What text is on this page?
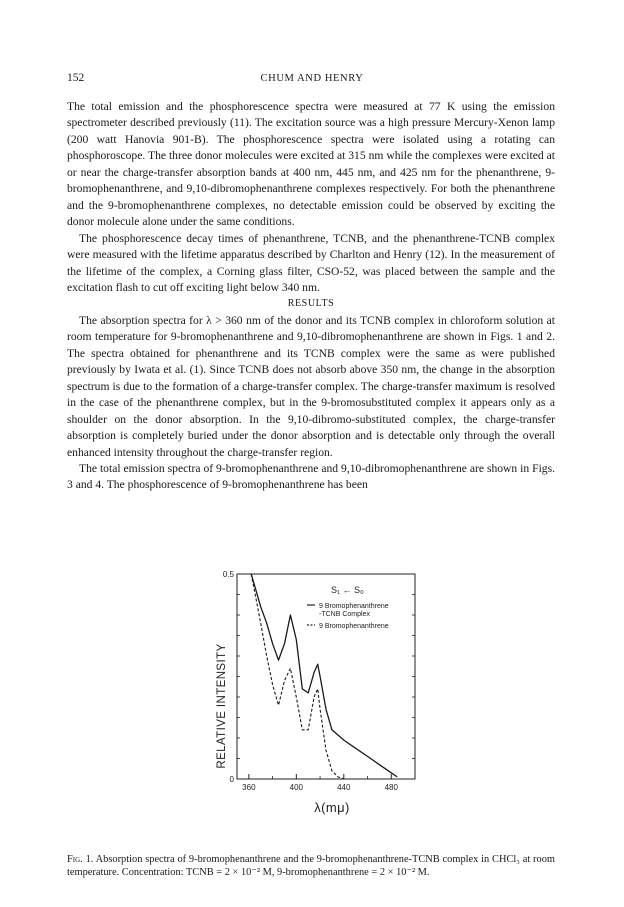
152	CHUM AND HENRY

The total emission and the phosphorescence spectra were measured at 77 K using the emission spectrometer described previously (11). The excitation source was a high pressure Mercury-Xenon lamp (200 watt Hanovia 901-B). The phosphorescence spectra were isolated using a rotating can phosphoroscope. The three donor molecules were excited at 315 nm while the complexes were excited at or near the charge-transfer absorption bands at 400 nm, 445 nm, and 425 nm for the phenanthrene, 9-bromophenanthrene, and 9,10-dibromophenanthrene complexes respectively. For both the phenanthrene and the 9-bromophenanthrene complexes, no detectable emission could be observed by exciting the donor molecule alone under the same conditions.

The phosphorescence decay times of phenanthrene, TCNB, and the phenanthrene-TCNB complex were measured with the lifetime apparatus described by Charlton and Henry (12). In the measurement of the lifetime of the complex, a Corning glass filter, CSO-52, was placed between the sample and the excitation flash to cut off exciting light below 340 nm.

RESULTS

The absorption spectra for λ > 360 nm of the donor and its TCNB complex in chloroform solution at room temperature for 9-bromophenanthrene and 9,10-dibromophenanthrene are shown in Figs. 1 and 2. The spectra obtained for phenanthrene and its TCNB complex were the same as were published previously by Iwata et al. (1). Since TCNB does not absorb above 350 nm, the change in the absorption spectrum is due to the formation of a charge-transfer complex. The charge-transfer maximum is resolved in the case of the phenanthrene complex, but in the 9-bromosubstituted complex it appears only as a shoulder on the donor absorption. In the 9,10-dibromo-substituted complex, the charge-transfer absorption is completely buried under the donor absorption and is detectable only through the overall enhanced intensity throughout the charge-transfer region.

The total emission spectra of 9-bromophenanthrene and 9,10-dibromophenanthrene are shown in Figs. 3 and 4. The phosphorescence of 9-bromophenanthrene has been

360	400	440	480
0
0.5
S₁ ← S₀
9 Bromophenanthrene -TCNB Complex
9 Bromophenanthrene
RELATIVE INTENSITY
λ(mμ)
Fig. 1. Absorption spectra of 9-bromophenanthrene and the 9-bromophenanthrene-TCNB complex in CHCl₃ at room temperature. Concentration: TCNB = 2 × 10⁻² M, 9-bromophenanthrene = 2 × 10⁻² M.
